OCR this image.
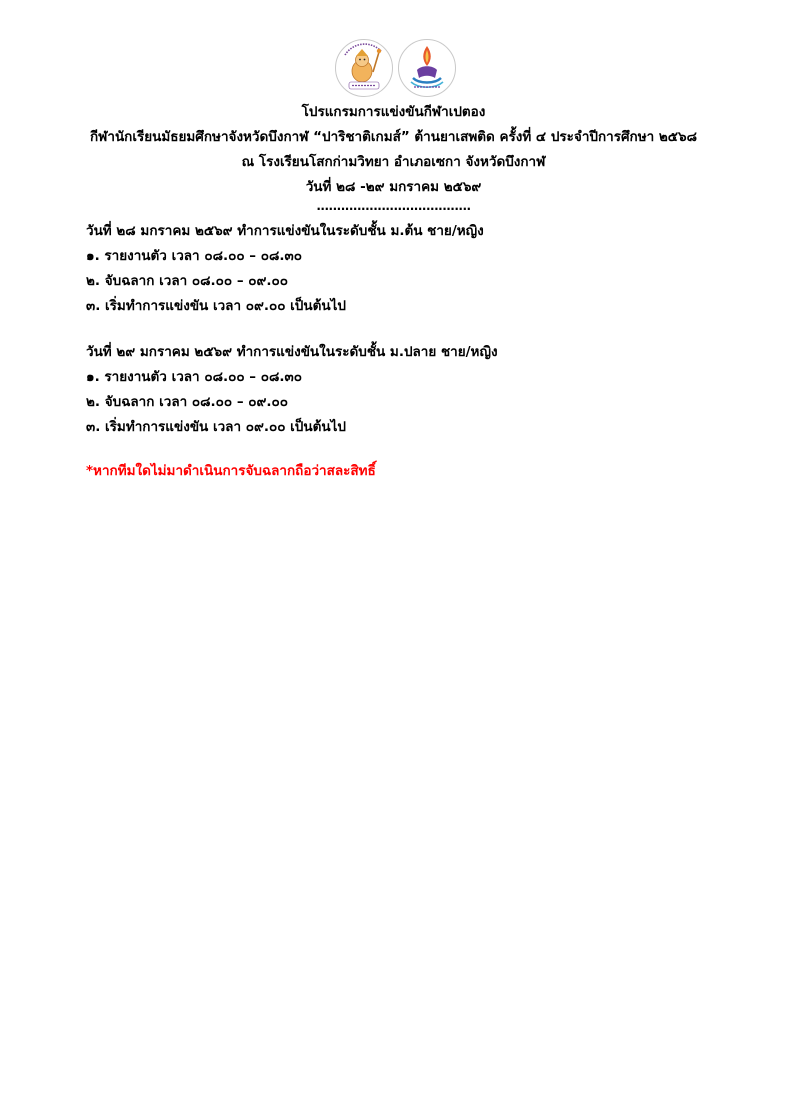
โปรแกรมการแข่งขันกีฬาเปตอง
กีฬานักเรียนมัธยมศึกษาจังหวัดบึงกาฬ “ปาริชาติเกมส์” ต้านยาเสพติด ครั้งที่ ๔ ประจำปีการศึกษา ๒๕๖๘
ณ โรงเรียนโสกก่ามวิทยา อำเภอเซกา จังหวัดบึงกาฬ
วันที่ ๒๘ -๒๙ มกราคม ๒๕๖๙
......................................
วันที่ ๒๘ มกราคม ๒๕๖๙ ทำการแข่งขันในระดับชั้น ม.ต้น ชาย/หญิง
๑. รายงานตัว เวลา ๐๘.๐๐ – ๐๘.๓๐
๒. จับฉลาก เวลา ๐๘.๐๐ – ๐๙.๐๐
๓. เริ่มทำการแข่งขัน เวลา ๐๙.๐๐ เป็นต้นไป
วันที่ ๒๙ มกราคม ๒๕๖๙ ทำการแข่งขันในระดับชั้น ม.ปลาย ชาย/หญิง
๑. รายงานตัว เวลา ๐๘.๐๐ – ๐๘.๓๐
๒. จับฉลาก เวลา ๐๘.๐๐ – ๐๙.๐๐
๓. เริ่มทำการแข่งขัน เวลา ๐๙.๐๐ เป็นต้นไป
*หากทีมใดไม่มาดำเนินการจับฉลากถือว่าสละสิทธิ์
